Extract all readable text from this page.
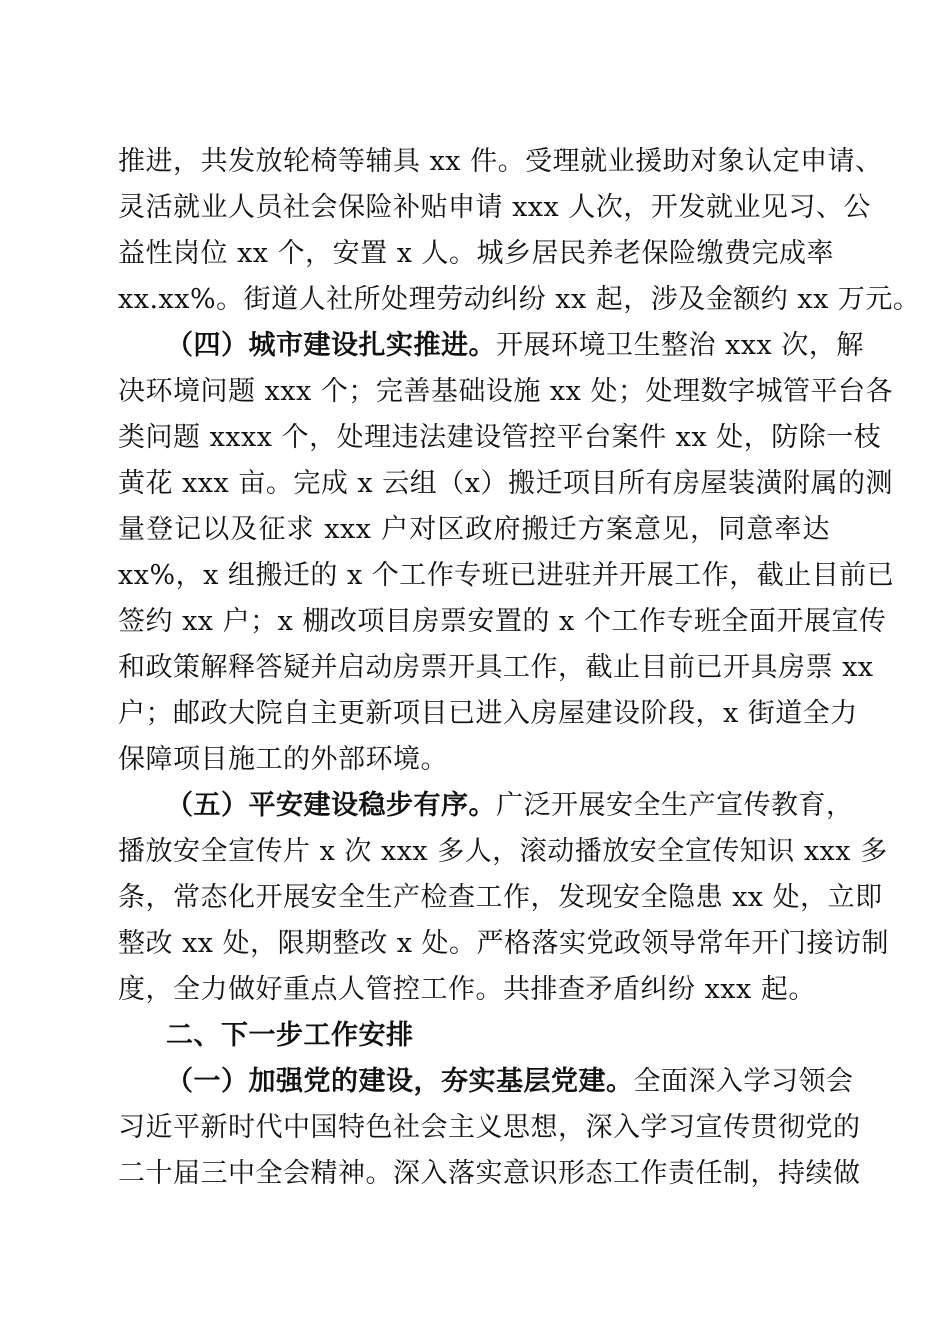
推进，共发放轮椅等辅具 xx 件。受理就业援助对象认定申请、
灵活就业人员社会保险补贴申请 xxx 人次，开发就业见习、公
益性岗位 xx 个，安置 x 人。城乡居民养老保险缴费完成率
xx.xx%。街道人社所处理劳动纠纷 xx 起，涉及金额约 xx 万元。
（四）城市建设扎实推进。开展环境卫生整治 xxx 次，解
决环境问题 xxx 个；完善基础设施 xx 处；处理数字城管平台各
类问题 xxxx 个，处理违法建设管控平台案件 xx 处，防除一枝
黄花 xxx 亩。完成 x 云组（x）搬迁项目所有房屋装潢附属的测
量登记以及征求 xxx 户对区政府搬迁方案意见，同意率达
xx%，x 组搬迁的 x 个工作专班已进驻并开展工作，截止目前已
签约 xx 户；x 棚改项目房票安置的 x 个工作专班全面开展宣传
和政策解释答疑并启动房票开具工作，截止目前已开具房票 xx
户；邮政大院自主更新项目已进入房屋建设阶段，x 街道全力
保障项目施工的外部环境。
（五）平安建设稳步有序。广泛开展安全生产宣传教育，
播放安全宣传片 x 次 xxx 多人，滚动播放安全宣传知识 xxx 多
条，常态化开展安全生产检查工作，发现安全隐患 xx 处，立即
整改 xx 处，限期整改 x 处。严格落实党政领导常年开门接访制
度，全力做好重点人管控工作。共排查矛盾纠纷 xxx 起。
二、下一步工作安排
（一）加强党的建设，夯实基层党建。全面深入学习领会
习近平新时代中国特色社会主义思想，深入学习宣传贯彻党的
二十届三中全会精神。深入落实意识形态工作责任制，持续做
